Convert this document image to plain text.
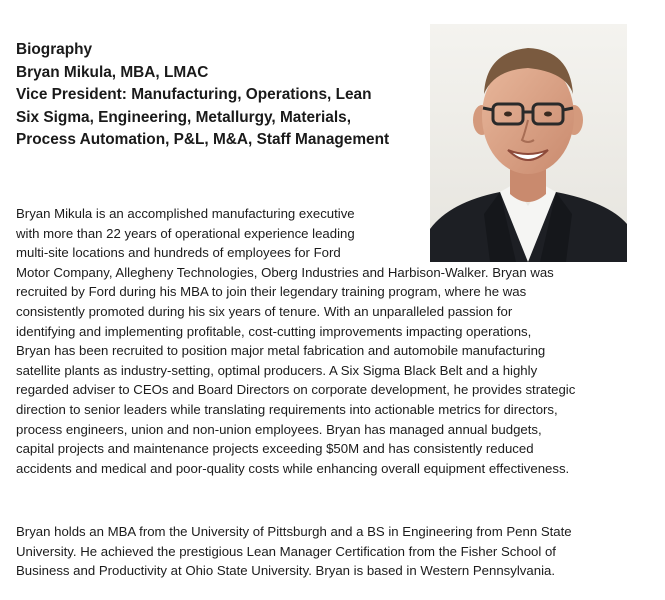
Biography
Bryan Mikula, MBA, LMAC
Vice President: Manufacturing, Operations, Lean
Six Sigma, Engineering, Metallurgy, Materials,
Process Automation, P&L, M&A, Staff Management
Bryan Mikula is an accomplished manufacturing executive
with more than 22 years of operational experience leading
multi-site locations and hundreds of employees for Ford
Motor Company, Allegheny Technologies, Oberg Industries and Harbison-Walker. Bryan was
recruited by Ford during his MBA to join their legendary training program, where he was
consistently promoted during his six years of tenure. With an unparalleled passion for
identifying and implementing profitable, cost-cutting improvements impacting operations,
Bryan has been recruited to position major metal fabrication and automobile manufacturing
satellite plants as industry-setting, optimal producers. A Six Sigma Black Belt and a highly
regarded adviser to CEOs and Board Directors on corporate development, he provides strategic
direction to senior leaders while translating requirements into actionable metrics for directors,
process engineers, union and non-union employees. Bryan has managed annual budgets,
capital projects and maintenance projects exceeding $50M and has consistently reduced
accidents and medical and poor-quality costs while enhancing overall equipment effectiveness.
Bryan holds an MBA from the University of Pittsburgh and a BS in Engineering from Penn State
University. He achieved the prestigious Lean Manager Certification from the Fisher School of
Business and Productivity at Ohio State University. Bryan is based in Western Pennsylvania.
